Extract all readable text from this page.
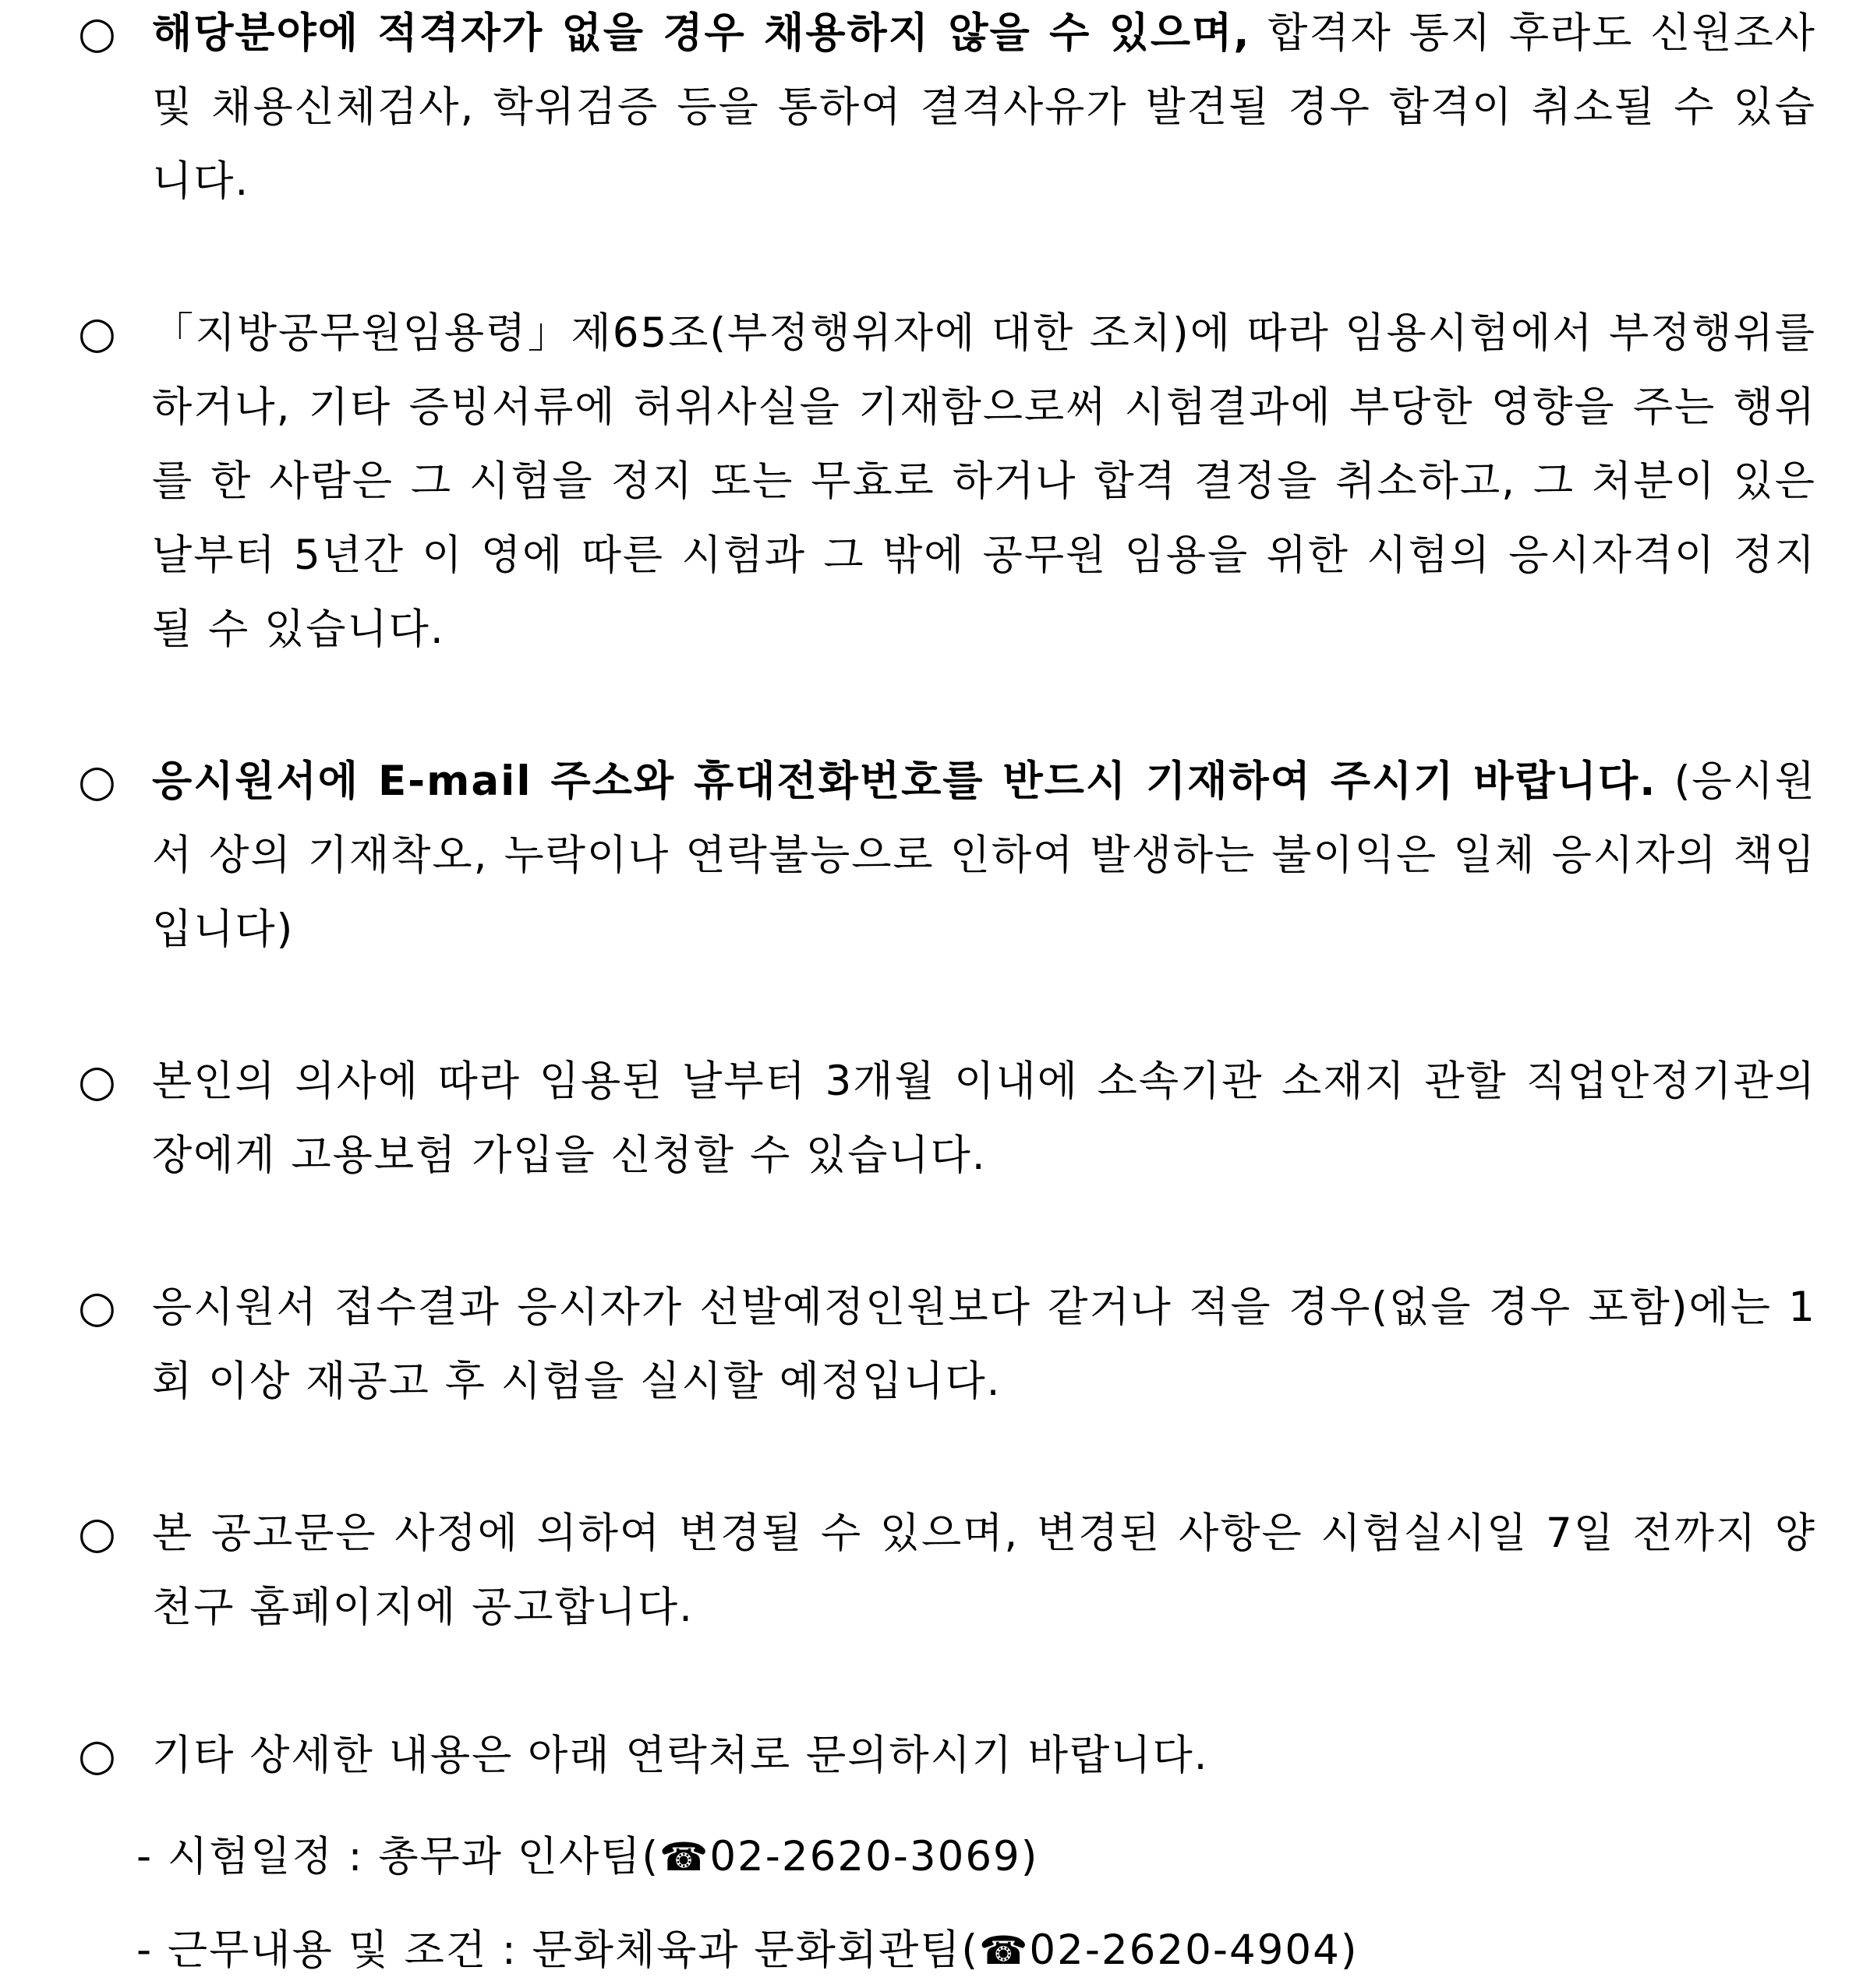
○ 해당분야에 적격자가 없을 경우 채용하지 않을 수 있으며, 합격자 통지 후라도 신원조사 및 채용신체검사, 학위검증 등을 통하여 결격사유가 발견될 경우 합격이 취소될 수 있습니다.
○ 「지방공무원임용령」제65조(부정행위자에 대한 조치)에 따라 임용시험에서 부정행위를 하거나, 기타 증빙서류에 허위사실을 기재함으로써 시험결과에 부당한 영향을 주는 행위를 한 사람은 그 시험을 정지 또는 무효로 하거나 합격 결정을 취소하고, 그 처분이 있은 날부터 5년간 이 영에 따른 시험과 그 밖에 공무원 임용을 위한 시험의 응시자격이 정지될 수 있습니다.
○ 응시원서에 E-mail 주소와 휴대전화번호를 반드시 기재하여 주시기 바랍니다. (응시원서 상의 기재착오, 누락이나 연락불능으로 인하여 발생하는 불이익은 일체 응시자의 책임입니다)
○ 본인의 의사에 따라 임용된 날부터 3개월 이내에 소속기관 소재지 관할 직업안정기관의 장에게 고용보험 가입을 신청할 수 있습니다.
○ 응시원서 접수결과 응시자가 선발예정인원보다 같거나 적을 경우(없을 경우 포함)에는 1회 이상 재공고 후 시험을 실시할 예정입니다.
○ 본 공고문은 사정에 의하여 변경될 수 있으며, 변경된 사항은 시험실시일 7일 전까지 양천구 홈페이지에 공고합니다.
○ 기타 상세한 내용은 아래 연락처로 문의하시기 바랍니다.
- 시험일정 : 총무과 인사팀(☎02-2620-3069)
- 근무내용 및 조건 : 문화체육과 문화회관팀(☎02-2620-4904)
